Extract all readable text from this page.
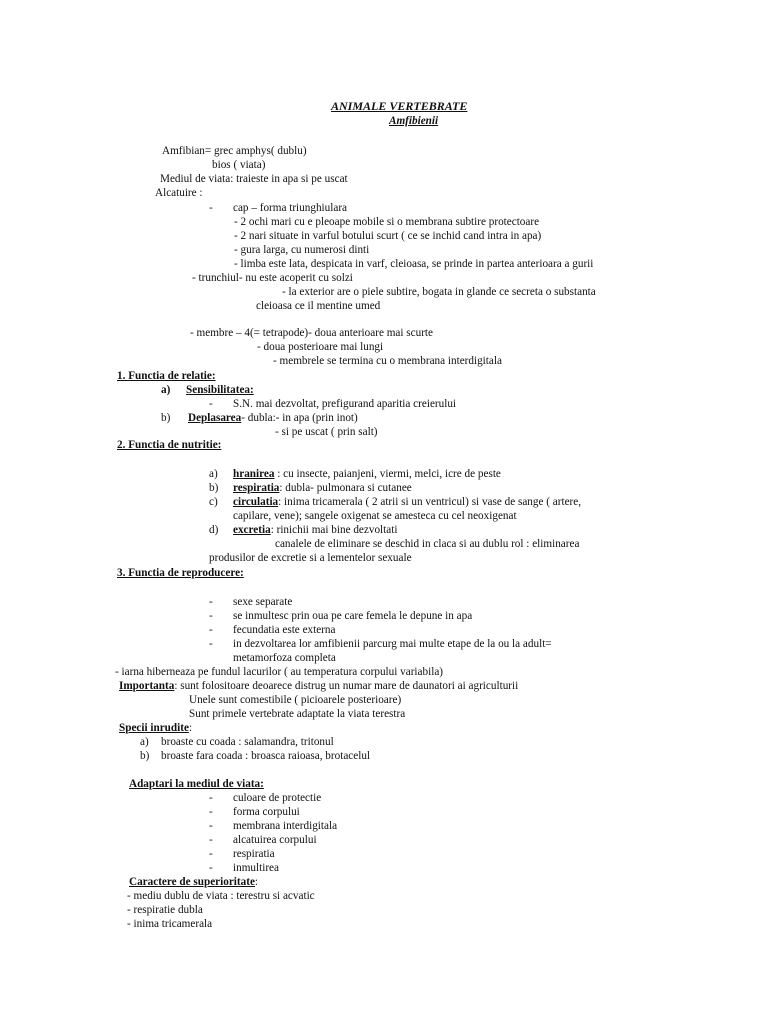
ANIMALE VERTEBRATE
Amfibienii
Amfibian= grec amphys( dublu)
bios ( viata)
Mediul de viata: traieste in apa si pe uscat
Alcatuire :
- cap – forma triunghiulara
- 2 ochi mari cu e pleoape mobile si o membrana subtire protectoare
- 2 nari situate in varful botului scurt ( ce se inchid cand intra in apa)
- gura larga, cu numerosi dinti
- limba este lata, despicata in varf, cleioasa, se prinde in partea anterioara a gurii
- trunchiul- nu este acoperit cu solzi
- la exterior are o piele subtire, bogata in glande ce secreta o substanta
cleioasa ce il mentine umed
- membre – 4(= tetrapode)- doua anterioare mai scurte
- doua posterioare mai lungi
- membrele se termina cu o membrana interdigitala
1. Functia de relatie:
a) Sensibilitatea:
- S.N. mai dezvoltat, prefigurand aparitia creierului
b) Deplasarea- dubla:- in apa (prin inot)
- si pe uscat ( prin salt)
2. Functia de nutritie:
a) hranirea : cu insecte, paianjeni, viermi, melci, icre de peste
b) respiratia: dubla- pulmonara si cutanee
c) circulatia: inima tricamerala ( 2 atrii si un ventricul) si vase de sange ( artere,
capilare, vene); sangele oxigenat se amesteca cu cel neoxigenat
d) excretia: rinichii mai bine dezvoltati
canalele de eliminare se deschid in claca si au dublu rol : eliminarea
produsilor de excretie si a lementelor sexuale
3. Functia de reproducere:
- sexe separate
- se inmultesc prin oua pe care femela le depune in apa
- fecundatia este externa
- in dezvoltarea lor amfibienii parcurg mai multe etape de la ou la adult=
metamorfoza completa
- iarna hiberneaza pe fundul lacurilor ( au temperatura corpului variabila)
Importanta: sunt folositoare deoarece distrug un numar mare de daunatori ai agriculturii
Unele sunt comestibile ( picioarele posterioare)
Sunt primele vertebrate adaptate la viata terestra
Specii inrudite:
a) broaste cu coada : salamandra, tritonul
b) broaste fara coada : broasca raioasa, brotacelul
Adaptari la mediul de viata:
- culoare de protectie
- forma corpului
- membrana interdigitala
- alcatuirea corpului
- respiratia
- inmultirea
Caractere de superioritate:
- mediu dublu de viata : terestru si acvatic
- respiratie dubla
- inima tricamerala
